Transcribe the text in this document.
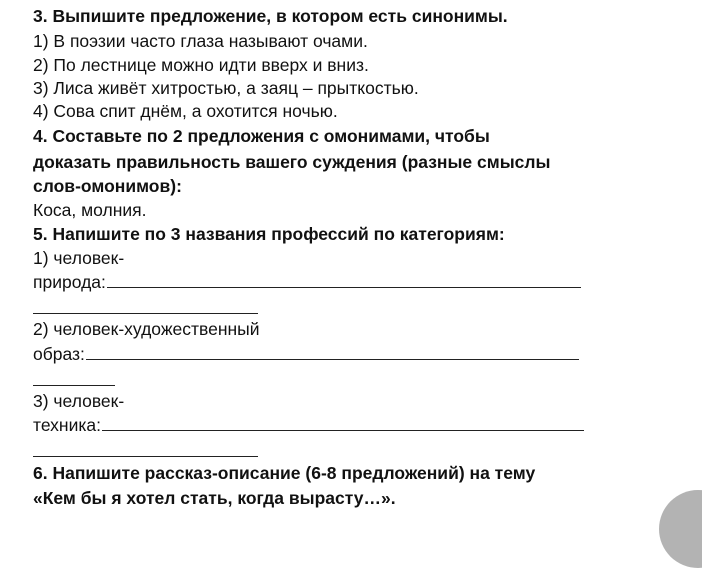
3. Выпишите предложение, в котором есть синонимы.
1) В поэзии часто глаза называют очами.
2) По лестнице можно идти вверх и вниз.
3) Лиса живёт хитростью, а заяц – прыткостью.
4) Сова спит днём, а охотится ночью.
4. Составьте по 2 предложения с омонимами, чтобы
доказать правильность вашего суждения (разные смыслы
слов-омонимов):
Коса, молния.
5. Напишите по 3 названия профессий по категориям:
1) человек-
природа:
2) человек-художественный
образ:
3) человек-
техника:
6. Напишите рассказ-описание (6-8 предложений) на тему
«Кем бы я хотел стать, когда вырасту…».
